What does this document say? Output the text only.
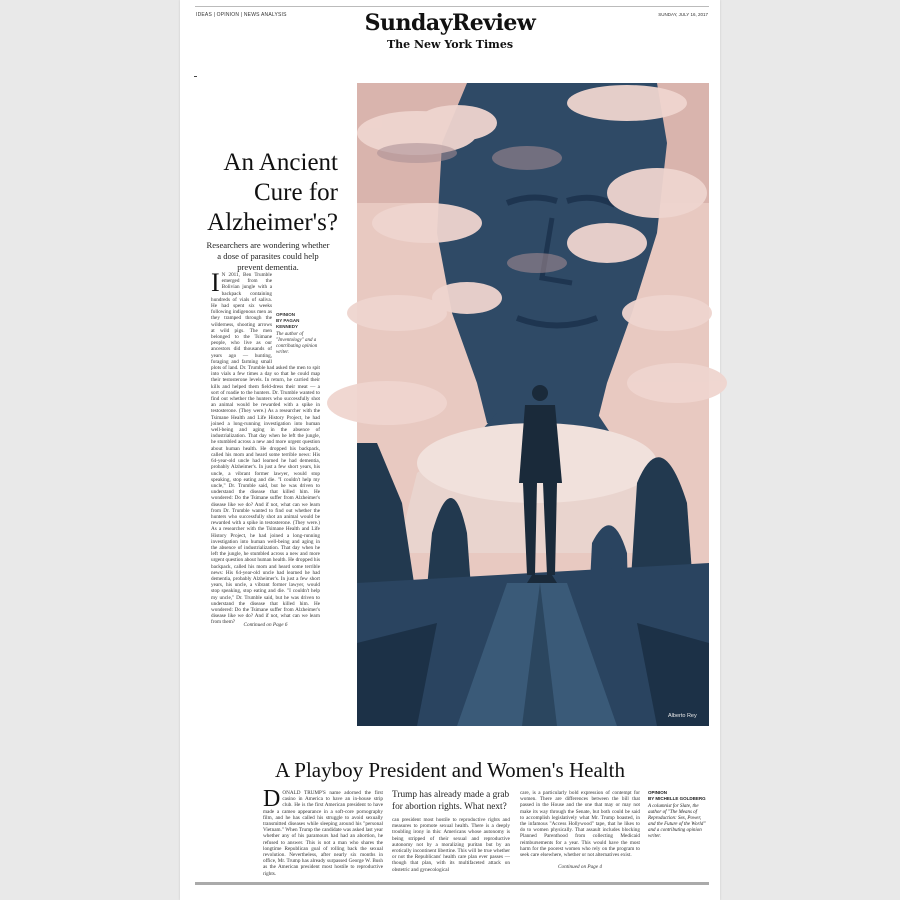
IDEAS | OPINION | NEWS ANALYSIS	SundayReview
The New York Times
SUNDAY, JULY 16, 2017
An Ancient Cure for Alzheimer's?
Researchers are wondering whether a dose of parasites could help prevent dementia.
I
OPINION
BY PAGAN KENNEDY
The author of "Inventology" and a contributing opinion writer.
N 2011, Ben Trumble emerged from the Bolivian jungle with a backpack containing hundreds of vials of saliva. He had spent six weeks following indigenous men as they tramped through the wilderness, shooting arrows at wild pigs. The men belonged to the Tsimane people, who live as our ancestors did thousands of years ago — hunting, foraging and farming small plots of land. Dr. Trumble had asked the men to spit into vials a few times a day so that he could map their testosterone levels. In return, he carried their kills and helped them field-dress their meat — a sort of roadie to the hunters. Dr. Trumble wanted to find out whether the hunters who successfully shot an animal would be rewarded with a spike in testosterone. (They were.) As a researcher with the Tsimane Health and Life History Project, he had joined a long-running investigation into human well-being and aging in the absence of industrialization. That day when he left the jungle, he stumbled across a new and more urgent question about human health. He dropped his backpack, called his mom and heard some terrible news: His 64-year-old uncle had learned he had dementia, probably Alzheimer's. In just a few short years, his uncle, a vibrant former lawyer, would stop speaking, stop eating and die. "I couldn't help my uncle," Dr. Trumble said, but he was driven to understand the disease that killed him. He wondered: Do the Tsimane suffer from Alzheimer's disease like we do? And if not, what can we learn from Dr. Trumble wanted to find out whether the hunters who successfully shot an animal would be rewarded with a spike in testosterone. (They were.) As a researcher with the Tsimane Health and Life History Project, he had joined a long-running investigation into human well-being and aging in the absence of industrialization. That day when he left the jungle, he stumbled across a new and more urgent question about human health. He dropped his backpack, called his mom and heard some terrible news: His 64-year-old uncle had learned he had dementia, probably Alzheimer's. In just a few short years, his uncle, a vibrant former lawyer, would stop speaking, stop eating and die. "I couldn't help my uncle," Dr. Trumble said, but he was driven to understand the disease that killed him. He wondered: Do the Tsimane suffer from Alzheimer's disease like we do? And if not, what can we learn from them?	Continued on Page 6
Alberto Rey
A Playboy President and Women's Health
D ONALD TRUMP'S name adorned the first casino in America to have an in-house strip club. He is the first American president to have made a cameo appearance in a soft-core pornography film, and he has called his struggle to avoid sexually transmitted diseases while sleeping around his "personal Vietnam." When Trump the candidate was asked last year whether any of his paramours had had an abortion, he refused to answer. This is not a man who shares the longtime Republican goal of rolling back the sexual revolution. Nevertheless, after nearly six months in office, Mr. Trump has already surpassed George W. Bush as the American president most hostile to reproductive rights.
Trump has already made a grab for abortion rights. What next?
can president most hostile to reproductive rights and measures to promote sexual health. There is a deeply troubling irony in this: Americans whose autonomy is being stripped of their sexual and reproductive autonomy not by a moralizing puritan but by an erotically incontinent libertine. This will be true whether or not the Republicans' health care plan ever passes — though that plan, with its multifaceted attack on obstetric and gynecological
care, is a particularly bold expression of contempt for women. There are differences between the bill that passed in the House and the one that may or may not make its way through the Senate, but both could be said to accomplish legislatively what Mr. Trump boasted, in the infamous "Access Hollywood" tape, that he likes to do to women physically. That assault includes blocking Planned Parenthood from collecting Medicaid reimbursements for a year. This would have the most harm for the poorest women who rely on the program to seek care elsewhere, whether or not alternatives exist.
Continued on Page 4
OPINION
BY MICHELLE GOLDBERG
A columnist for Slate, the author of "The Means of Reproduction: Sex, Power, and the Future of the World" and a contributing opinion writer.
